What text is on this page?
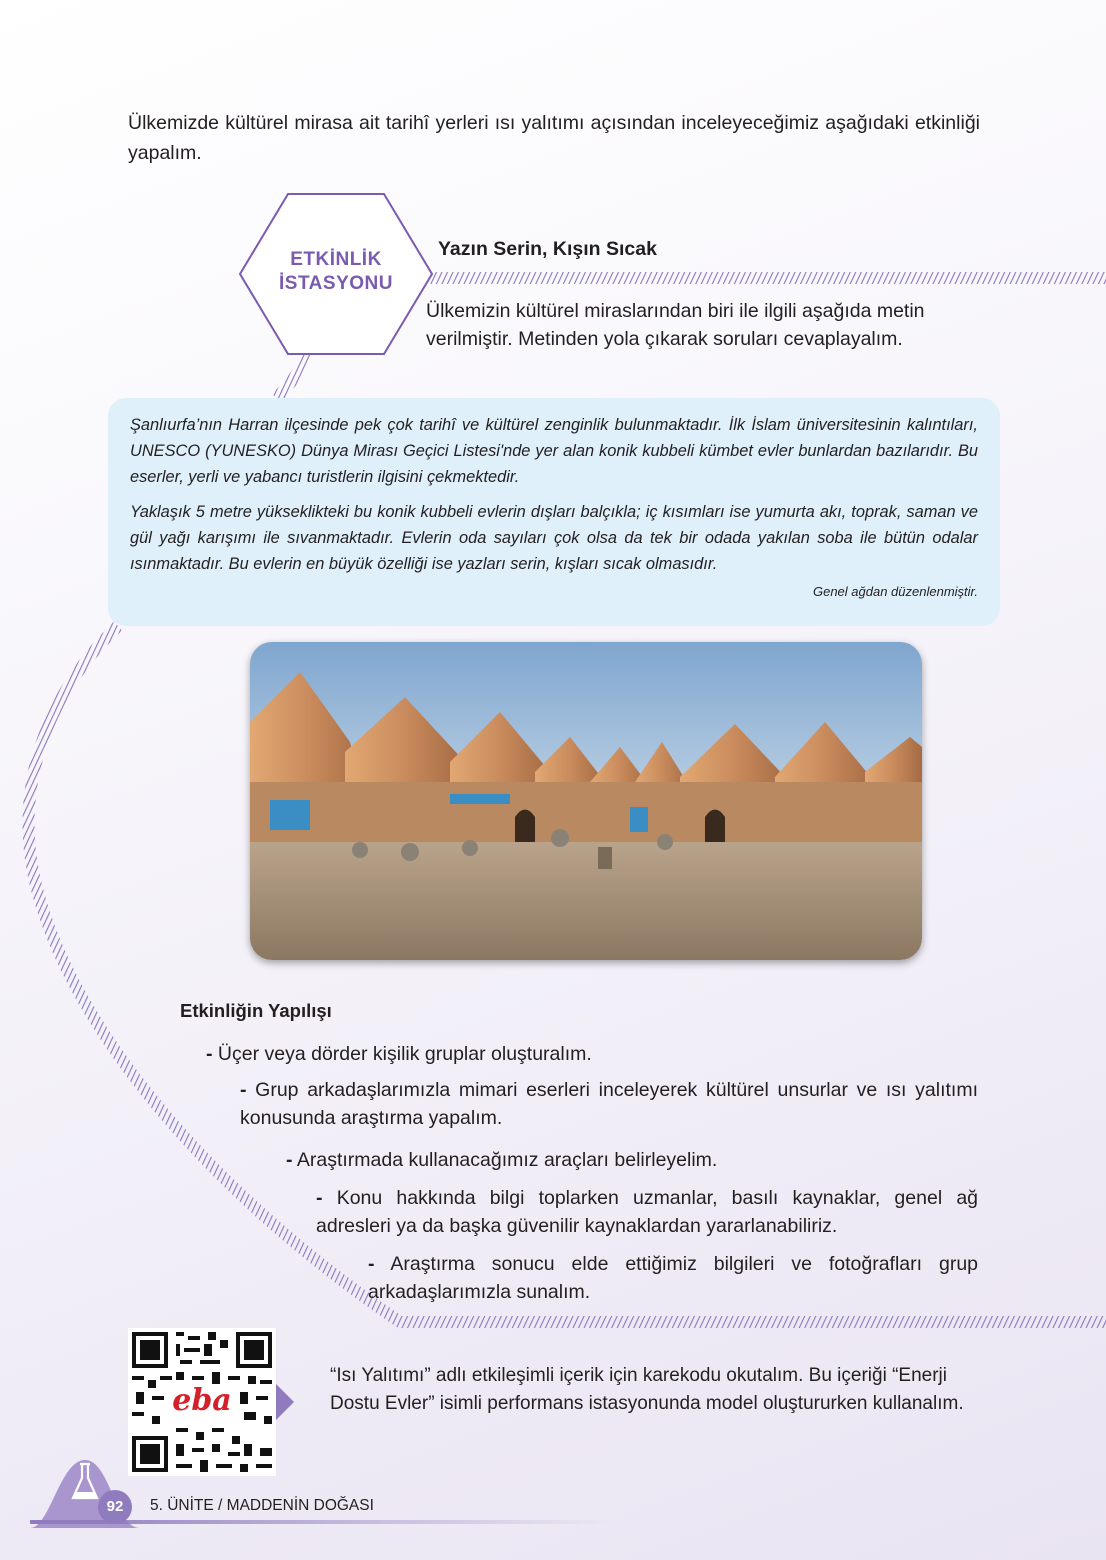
Ülkemizde kültürel mirasa ait tarihî yerleri ısı yalıtımı açısından inceleyeceğimiz aşağıdaki etkinliği yapalım.
ETKİNLİK
İSTASYONU
Yazın Serin, Kışın Sıcak
Ülkemizin kültürel miraslarından biri ile ilgili aşağıda metin verilmiştir. Metinden yola çıkarak soruları cevaplayalım.

Şanlıurfa’nın Harran ilçesinde pek çok tarihî ve kültürel zenginlik bulunmaktadır. İlk İslam üniversitesinin kalıntıları, UNESCO (YUNESKO) Dünya Mirası Geçici Listesi'nde yer alan konik kubbeli kümbet evler bunlardan bazılarıdır. Bu eserler, yerli ve yabancı turistlerin ilgisini çekmektedir.

Yaklaşık 5 metre yükseklikteki bu konik kubbeli evlerin dışları balçıkla; iç kısımları ise yumurta akı, toprak, saman ve gül yağı karışımı ile sıvanmaktadır. Evlerin oda sayıları çok olsa da tek bir odada yakılan soba ile bütün odalar ısınmaktadır. Bu evlerin en büyük özelliği ise yazları serin, kışları sıcak olmasıdır.

Genel ağdan düzenlenmiştir.
Etkinliğin Yapılışı
- Üçer veya dörder kişilik gruplar oluşturalım.
- Grup arkadaşlarımızla mimari eserleri inceleyerek kültürel unsurlar ve ısı yalıtımı konusunda araştırma yapalım.
- Araştırmada kullanacağımız araçları belirleyelim.
- Konu hakkında bilgi toplarken uzmanlar, basılı kaynaklar, genel ağ adresleri ya da başka güvenilir kaynaklardan yararlanabiliriz.
- Araştırma sonucu elde ettiğimiz bilgileri ve fotoğrafları grup arkadaşlarımızla sunalım.
eba
“Isı Yalıtımı” adlı etkileşimli içerik için karekodu okutalım. Bu içeriği “Enerji Dostu Evler” isimli performans istasyonunda model oluştururken kullanalım.
92	5. ÜNİTE / MADDENİN DOĞASI
